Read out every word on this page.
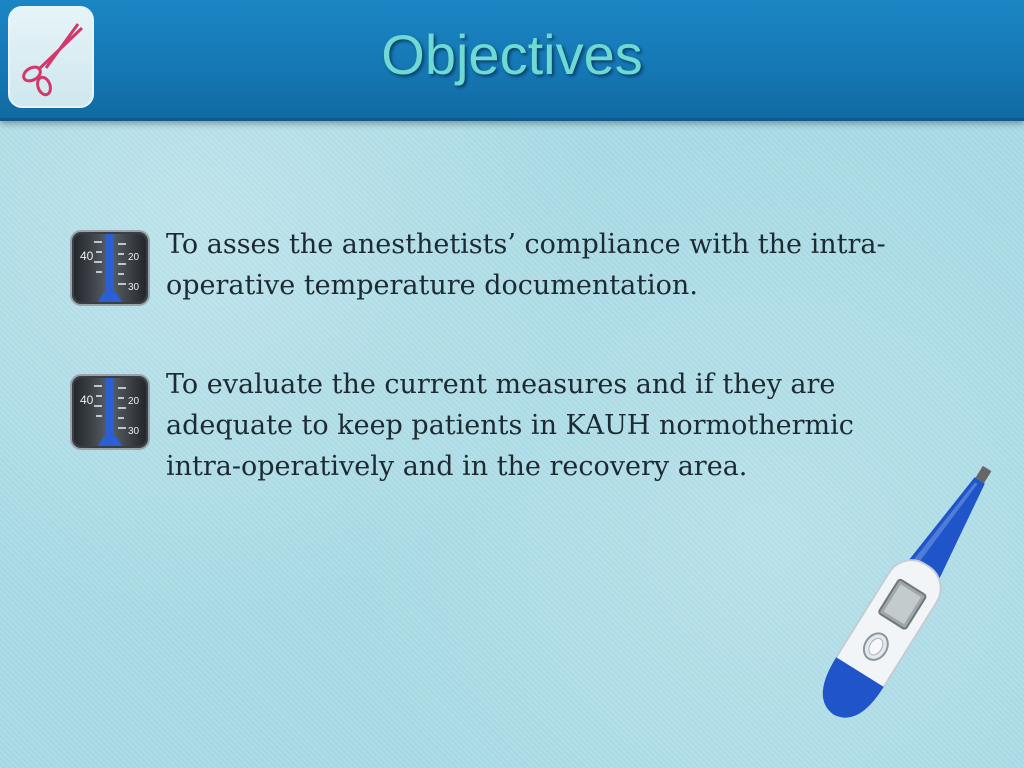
Objectives
40	20
30
To asses the anesthetists’ compliance with the intra-operative temperature documentation.
40	20
30
To evaluate the current measures and if they are adequate to keep patients in KAUH normothermic intra-operatively and in the recovery area.
